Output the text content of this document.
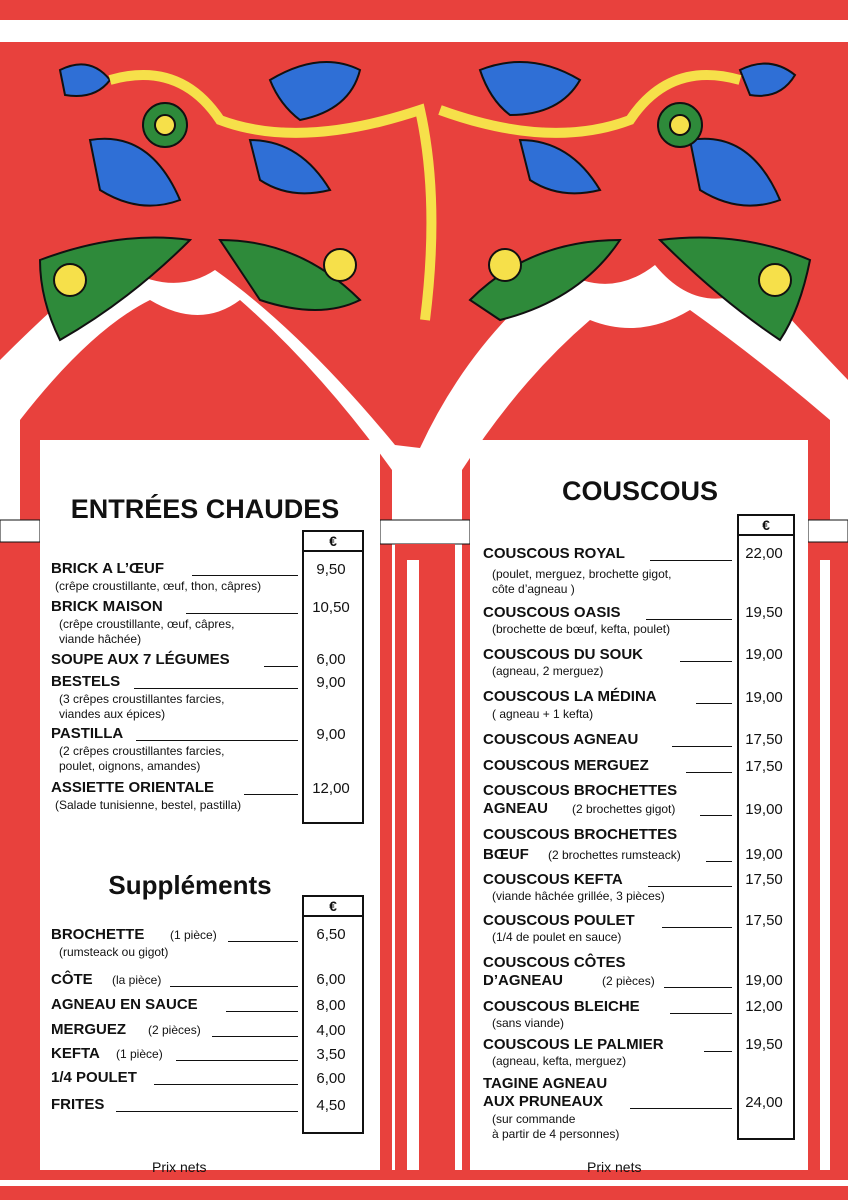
ENTRÉES CHAUDES
€
BRICK A L’ŒUF
(crêpe croustillante, œuf, thon, câpres)
9,50
BRICK MAISON
(crêpe croustillante, œuf, câpres,
viande hâchée)
10,50
SOUPE AUX 7 LÉGUMES	6,00
BESTELS
(3 crêpes croustillantes farcies,
viandes aux épices)
9,00
PASTILLA
(2 crêpes croustillantes farcies,
poulet, oignons, amandes)
9,00
ASSIETTE ORIENTALE
(Salade tunisienne, bestel, pastilla)
12,00
Suppléments
€
BROCHETTE (1 pièce)
(rumsteack ou gigot)
6,50
CÔTE (la pièce)	6,00
AGNEAU EN SAUCE	8,00
MERGUEZ (2 pièces)	4,00
KEFTA (1 pièce)	3,50
1/4 POULET	6,00
FRITES	4,50
Prix nets
COUSCOUS
€
COUSCOUS ROYAL
(poulet, merguez, brochette gigot,
côte d’agneau )
22,00
COUSCOUS OASIS
(brochette de bœuf, kefta, poulet)
19,50
COUSCOUS DU SOUK
(agneau, 2 merguez)
19,00
COUSCOUS LA MÉDINA
( agneau + 1 kefta)
19,00
COUSCOUS AGNEAU	17,50
COUSCOUS MERGUEZ	17,50
COUSCOUS BROCHETTES
AGNEAU (2 brochettes gigot)	19,00
COUSCOUS BROCHETTES
BŒUF (2 brochettes rumsteack)	19,00
COUSCOUS KEFTA
(viande hâchée grillée, 3 pièces)
17,50
COUSCOUS POULET
(1/4 de poulet en sauce)
17,50
COUSCOUS CÔTES
D’AGNEAU	(2 pièces)	19,00
COUSCOUS BLEICHE
(sans viande)
12,00
COUSCOUS LE PALMIER
(agneau, kefta, merguez)
19,50
TAGINE AGNEAU
AUX PRUNEAUX
(sur commande
à partir de 4 personnes)
24,00
Prix nets
